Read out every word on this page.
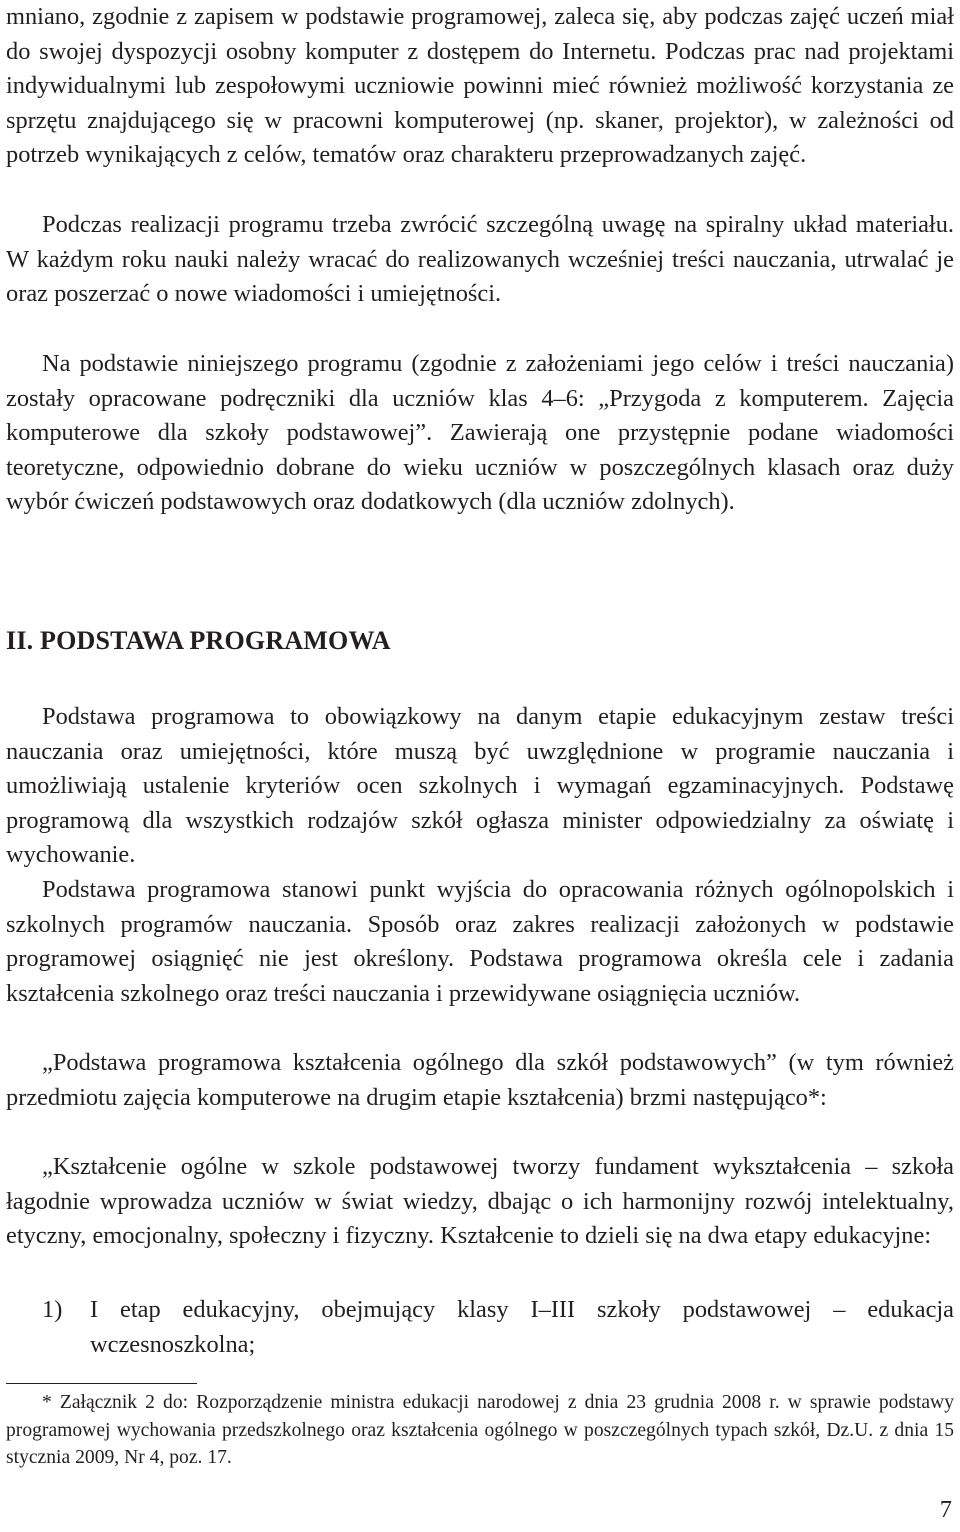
mniano, zgodnie z zapisem w podstawie programowej, zaleca się, aby podczas zajęć uczeń miał do swojej dyspozycji osobny komputer z dostępem do Internetu. Podczas prac nad projektami indywidualnymi lub zespołowymi uczniowie powinni mieć również możliwość korzystania ze sprzętu znajdującego się w pracowni komputerowej (np. skaner, projektor), w zależności od potrzeb wynikających z celów, tematów oraz charakteru przeprowadzanych zajęć.

Podczas realizacji programu trzeba zwrócić szczególną uwagę na spiralny układ materiału. W każdym roku nauki należy wracać do realizowanych wcześniej treści nauczania, utrwalać je oraz poszerzać o nowe wiadomości i umiejętności.

Na podstawie niniejszego programu (zgodnie z założeniami jego celów i treści nauczania) zostały opracowane podręczniki dla uczniów klas 4–6: „Przygoda z komputerem. Zajęcia komputerowe dla szkoły podstawowej”. Zawierają one przystępnie podane wiadomości teoretyczne, odpowiednio dobrane do wieku uczniów w poszczególnych klasach oraz duży wybór ćwiczeń podstawowych oraz dodatkowych (dla uczniów zdolnych).

II. PODSTAWA PROGRAMOWA

Podstawa programowa to obowiązkowy na danym etapie edukacyjnym zestaw treści nauczania oraz umiejętności, które muszą być uwzględnione w programie nauczania i umożliwiają ustalenie kryteriów ocen szkolnych i wymagań egzaminacyjnych. Podstawę programową dla wszystkich rodzajów szkół ogłasza minister odpowiedzialny za oświatę i wychowanie.

Podstawa programowa stanowi punkt wyjścia do opracowania różnych ogólnopolskich i szkolnych programów nauczania. Sposób oraz zakres realizacji założonych w podstawie programowej osiągnięć nie jest określony. Podstawa programowa określa cele i zadania kształcenia szkolnego oraz treści nauczania i przewidywane osiągnięcia uczniów.

„Podstawa programowa kształcenia ogólnego dla szkół podstawowych” (w tym również przedmiotu zajęcia komputerowe na drugim etapie kształcenia) brzmi następująco*:

„Kształcenie ogólne w szkole podstawowej tworzy fundament wykształcenia – szkoła łagodnie wprowadza uczniów w świat wiedzy, dbając o ich harmonijny rozwój intelektualny, etyczny, emocjonalny, społeczny i fizyczny. Kształcenie to dzieli się na dwa etapy edukacyjne:

1) I etap edukacyjny, obejmujący klasy I–III szkoły podstawowej – edukacja wczesnoszkolna;

* Załącznik 2 do: Rozporządzenie ministra edukacji narodowej z dnia 23 grudnia 2008 r. w sprawie podstawy programowej wychowania przedszkolnego oraz kształcenia ogólnego w poszczególnych typach szkół, Dz.U. z dnia 15 stycznia 2009, Nr 4, poz. 17.

7
